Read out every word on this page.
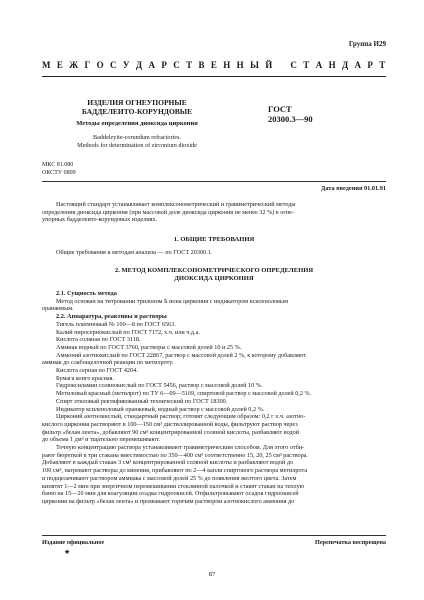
Группа И29
М Е Ж Г О С У Д А Р С Т В Е Н Н Ы Й С Т А Н Д А Р Т
ИЗДЕЛИЯ ОГНЕУПОРНЫЕ
БАДДЕЛЕИТО-КОРУНДОВЫЕ
Методы определения диоксида циркония
Baddeleyite-corundum refractories.
Methods for determination of zirconium dioxide
ГОСТ
20300.3—90
МКС 81.080
ОКСТУ 0809
Дата введения 01.01.91
Настоящий стандарт устанавливает комплексонометрический и гравиметрический методы
определения диоксида циркония (при массовой доле диоксида циркония не менее 32 %) в огне-
упорных бадделеито-корундовых изделиях.
1. ОБЩИЕ ТРЕБОВАНИЯ
Общие требования к методам анализа — по ГОСТ 20300.1.
2. МЕТОД КОМПЛЕКСОНОМЕТРИЧЕСКОГО ОПРЕДЕЛЕНИЯ
ДИОКСИДА ЦИРКОНИЯ
2.1. Сущность метода
Метод основан на титровании трилоном Б иона циркония с индикатором ксиленоловым
оранжевым.
2.2. Аппаратура, реактивы и растворы
Тигель платиновый № 100—8 по ГОСТ 6563.
Калий пиросернокислый по ГОСТ 7172, х.ч. или ч.д.а.
Кислота соляная по ГОСТ 3118.
Аммиак водный по ГОСТ 3760, растворы с массовой долей 10 и 25 %.
Аммоний азотнокислый по ГОСТ 22867, раствор с массовой долей 2 %, к которому добавляют
аммиак до слабощелочной реакции по метилроту.
Кислота серная по ГОСТ 4204.
Бумага конго красная.
Гидроксиламин солянокислый по ГОСТ 5456, раствор с массовой долей 10 %.
Метиловый красный (метилрот) по ТУ 6—09—5169, спиртовой раствор с массовой долей 0,2 %.
Спирт этиловый ректификованный технический по ГОСТ 18300.
Индикатор ксиленоловый оранжевый, водный раствор с массовой долей 0,2 %.
Цирконий азотнокислый, стандартный раствор; готовят следующим образом: 0,2 г х.ч. азотно-
кислого циркония растворяют в 100—150 см³ дистиллированной воды, фильтруют раствор через
фильтр «белая лента», добавляют 90 см³ концентрированной соляной кислоты, разбавляют водой
до объема 1 дм³ и тщательно перемешивают.
Точную концентрацию раствора устанавливают гравиметрическим способом. Для этого отби-
рают бюреткой в три стакана вместимостью по 350—400 см³ соответственно 15, 20, 25 см³ раствора.
Добавляют в каждый стакан 3 см³ концентрированной соляной кислоты и разбавляют водой до
100 см³, нагревают растворы до кипения, прибавляют по 2—4 капли спиртового раствора метилрота
и подщелачивают раствором аммиака с массовой долей 25 % до появления желтого цвета. Затем
кипятят 1—2 мин при энергичном перемешивании стеклянной палочкой и ставят стакан на теплую
баню на 15—20 мин для коагуляции осадка гидроокисей. Отфильтровывают осадок гидроокисей
циркония на фильтр «белая лента» и промывают горячим раствором азотнокислого аммония до
Издание официальное
★
Перепечатка воспрещена
87
